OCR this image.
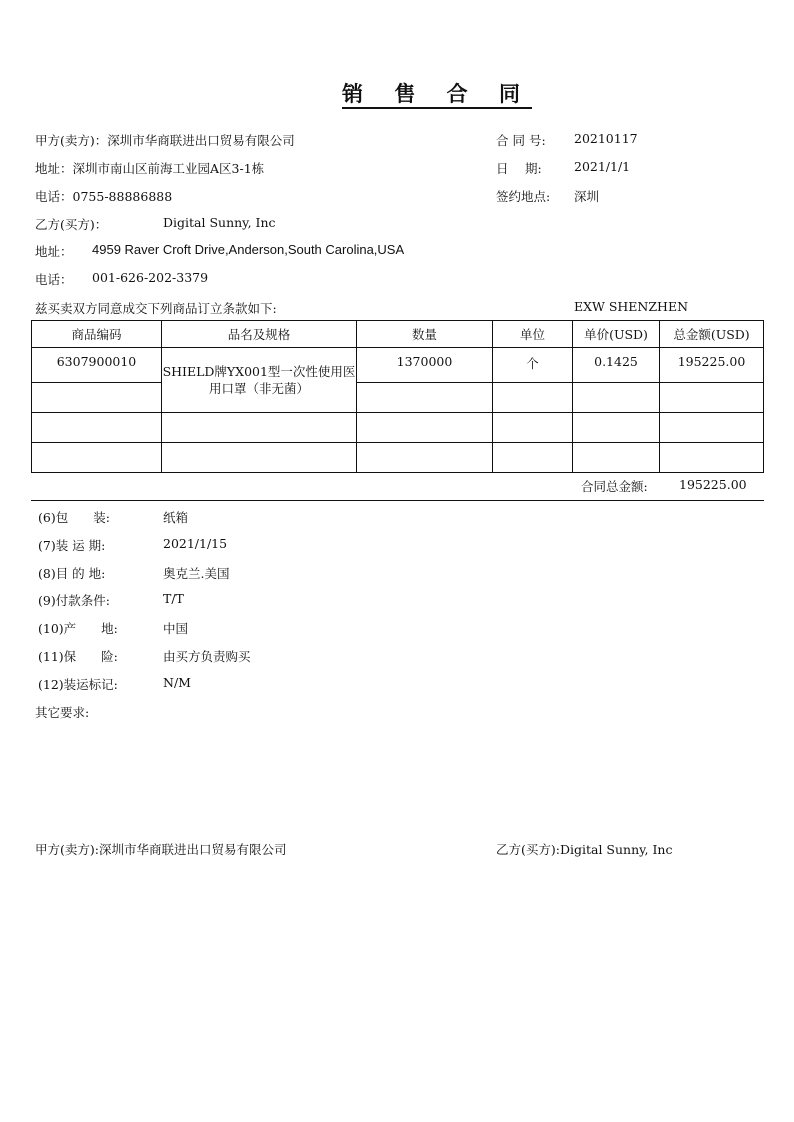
销 售 合 同
甲方(卖方)：深圳市华商联进出口贸易有限公司
地址：深圳市南山区前海工业园A区3-1栋
电话：0755-88886888
合 同 号: 20210117
日　 期:	2021/1/1
签约地点: 深圳
乙方(买方)：	Digital Sunny, Inc
地址： 4959 Raver Croft Drive,Anderson,South Carolina,USA
电话： 001-626-202-3379
兹买卖双方同意成交下列商品订立条款如下:	EXW SHENZHEN
商品编码	品名及规格	数量	单位	单价(USD)	总金额(USD)
6307900010	SHIELD牌YX001型一次性使用医
用口罩（非无菌）	1370000	个	0.1425	195225.00

合同总金额:	195225.00
(6)包　　装:	纸箱
(7)装 运 期:	2021/1/15
(8)目 的 地:	奥克兰.美国
(9)付款条件:	T/T
(10)产　　地:	中国
(11)保　　险:	由买方负责购买
(12)装运标记:	N/M
其它要求:
甲方(卖方):深圳市华商联进出口贸易有限公司	乙方(买方):Digital Sunny, Inc
